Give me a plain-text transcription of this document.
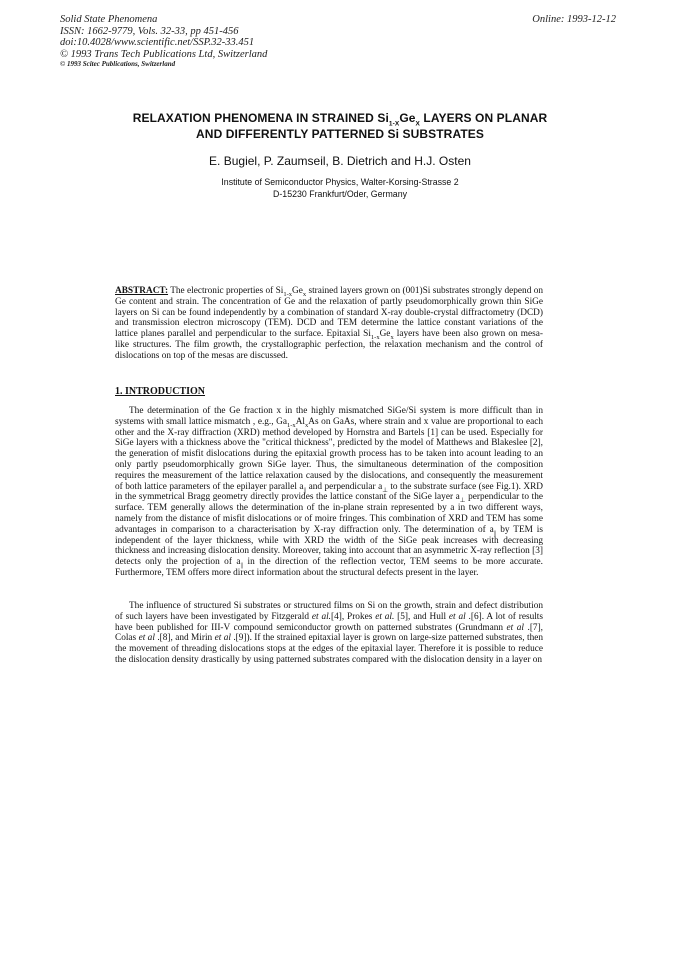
Solid State Phenomena
ISSN: 1662-9779, Vols. 32-33, pp 451-456
doi:10.4028/www.scientific.net/SSP.32-33.451
© 1993 Trans Tech Publications Ltd, Switzerland
© 1993 Scitec Publications, Switzerland
Online: 1993-12-12
RELAXATION PHENOMENA IN STRAINED $Si_{1-X}Ge_X$ LAYERS ON PLANAR
AND DIFFERENTLY PATTERNED Si SUBSTRATES
E. Bugiel, P. Zaumseil, B. Dietrich and H.J. Osten
Institute of Semiconductor Physics, Walter-Korsing-Strasse 2
D-15230 Frankfurt/Oder, Germany
ABSTRACT: The electronic properties of $Si_{1-x}Ge_x$ strained layers grown on (001)Si substrates strongly depend on Ge content and strain. The concentration of Ge and the relaxation of partly pseudomorphically grown thin SiGe layers on Si can be found independently by a combination of standard X-ray double-crystal diffractometry (DCD) and transmission electron microscopy (TEM). DCD and TEM determine the lattice constant variations of the lattice planes parallel and perpendicular to the surface. Epitaxial $Si_{1-x}Ge_x$ layers have been also grown on mesa-like structures. The film growth, the crystallographic perfection, the relaxation mechanism and the control of dislocations on top of the mesas are discussed.
1. INTRODUCTION
The determination of the Ge fraction x in the highly mismatched SiGe/Si system is more difficult than in systems with small lattice mismatch , e.g., $Ga_{1-x}Al_xAs$ on GaAs, where strain and x value are proportional to each other and the X-ray diffraction (XRD) method developed by Hornstra and Bartels [1] can be used. Especially for SiGe layers with a thickness above the "critical thickness", predicted by the model of Matthews and Blakeslee [2], the generation of misfit dislocations during the epitaxial growth process has to be taken into acount leading to an only partly pseudomorphically grown SiGe layer. Thus, the simultaneous determination of the composition requires the measurement of the lattice relaxation caused by the dislocations, and consequently the measurement of both lattice parameters of the epilayer parallel $a_{||}$ and perpendicular $a_\perp$ to the substrate surface (see Fig.1). XRD in the symmetrical Bragg geometry directly provides the lattice constant of the SiGe layer $a_\perp$ perpendicular to the surface. TEM generally allows the determination of the in-plane strain represented by a in two different ways, namely from the distance of misfit dislocations or of moire fringes. This combination of XRD and TEM has some advantages in comparison to a characterisation by X-ray diffraction only. The determination of $a_{||}$ by TEM is independent of the layer thickness, while with XRD the width of the SiGe peak increases with decreasing thickness and increasing dislocation density. Moreover, taking into account that an asymmetric X-ray reflection [3] detects only the projection of $a_{||}$ in the direction of the reflection vector, TEM seems to be more accurate. Furthermore, TEM offers more direct information about the structural defects present in the layer.
The influence of structured Si substrates or structured films on Si on the growth, strain and defect distribution of such layers have been investigated by Fitzgerald et al.[4], Prokes et al. [5], and Hull et al .[6]. A lot of results have been published for III-V compound semiconductor growth on patterned substrates (Grundmann et al .[7], Colas et al .[8], and Mirin et al .[9]). If the strained epitaxial layer is grown on large-size patterned substrates, then the movement of threading dislocations stops at the edges of the epitaxial layer. Therefore it is possible to reduce the dislocation density drastically by using patterned substrates compared with the dislocation density in a layer on
